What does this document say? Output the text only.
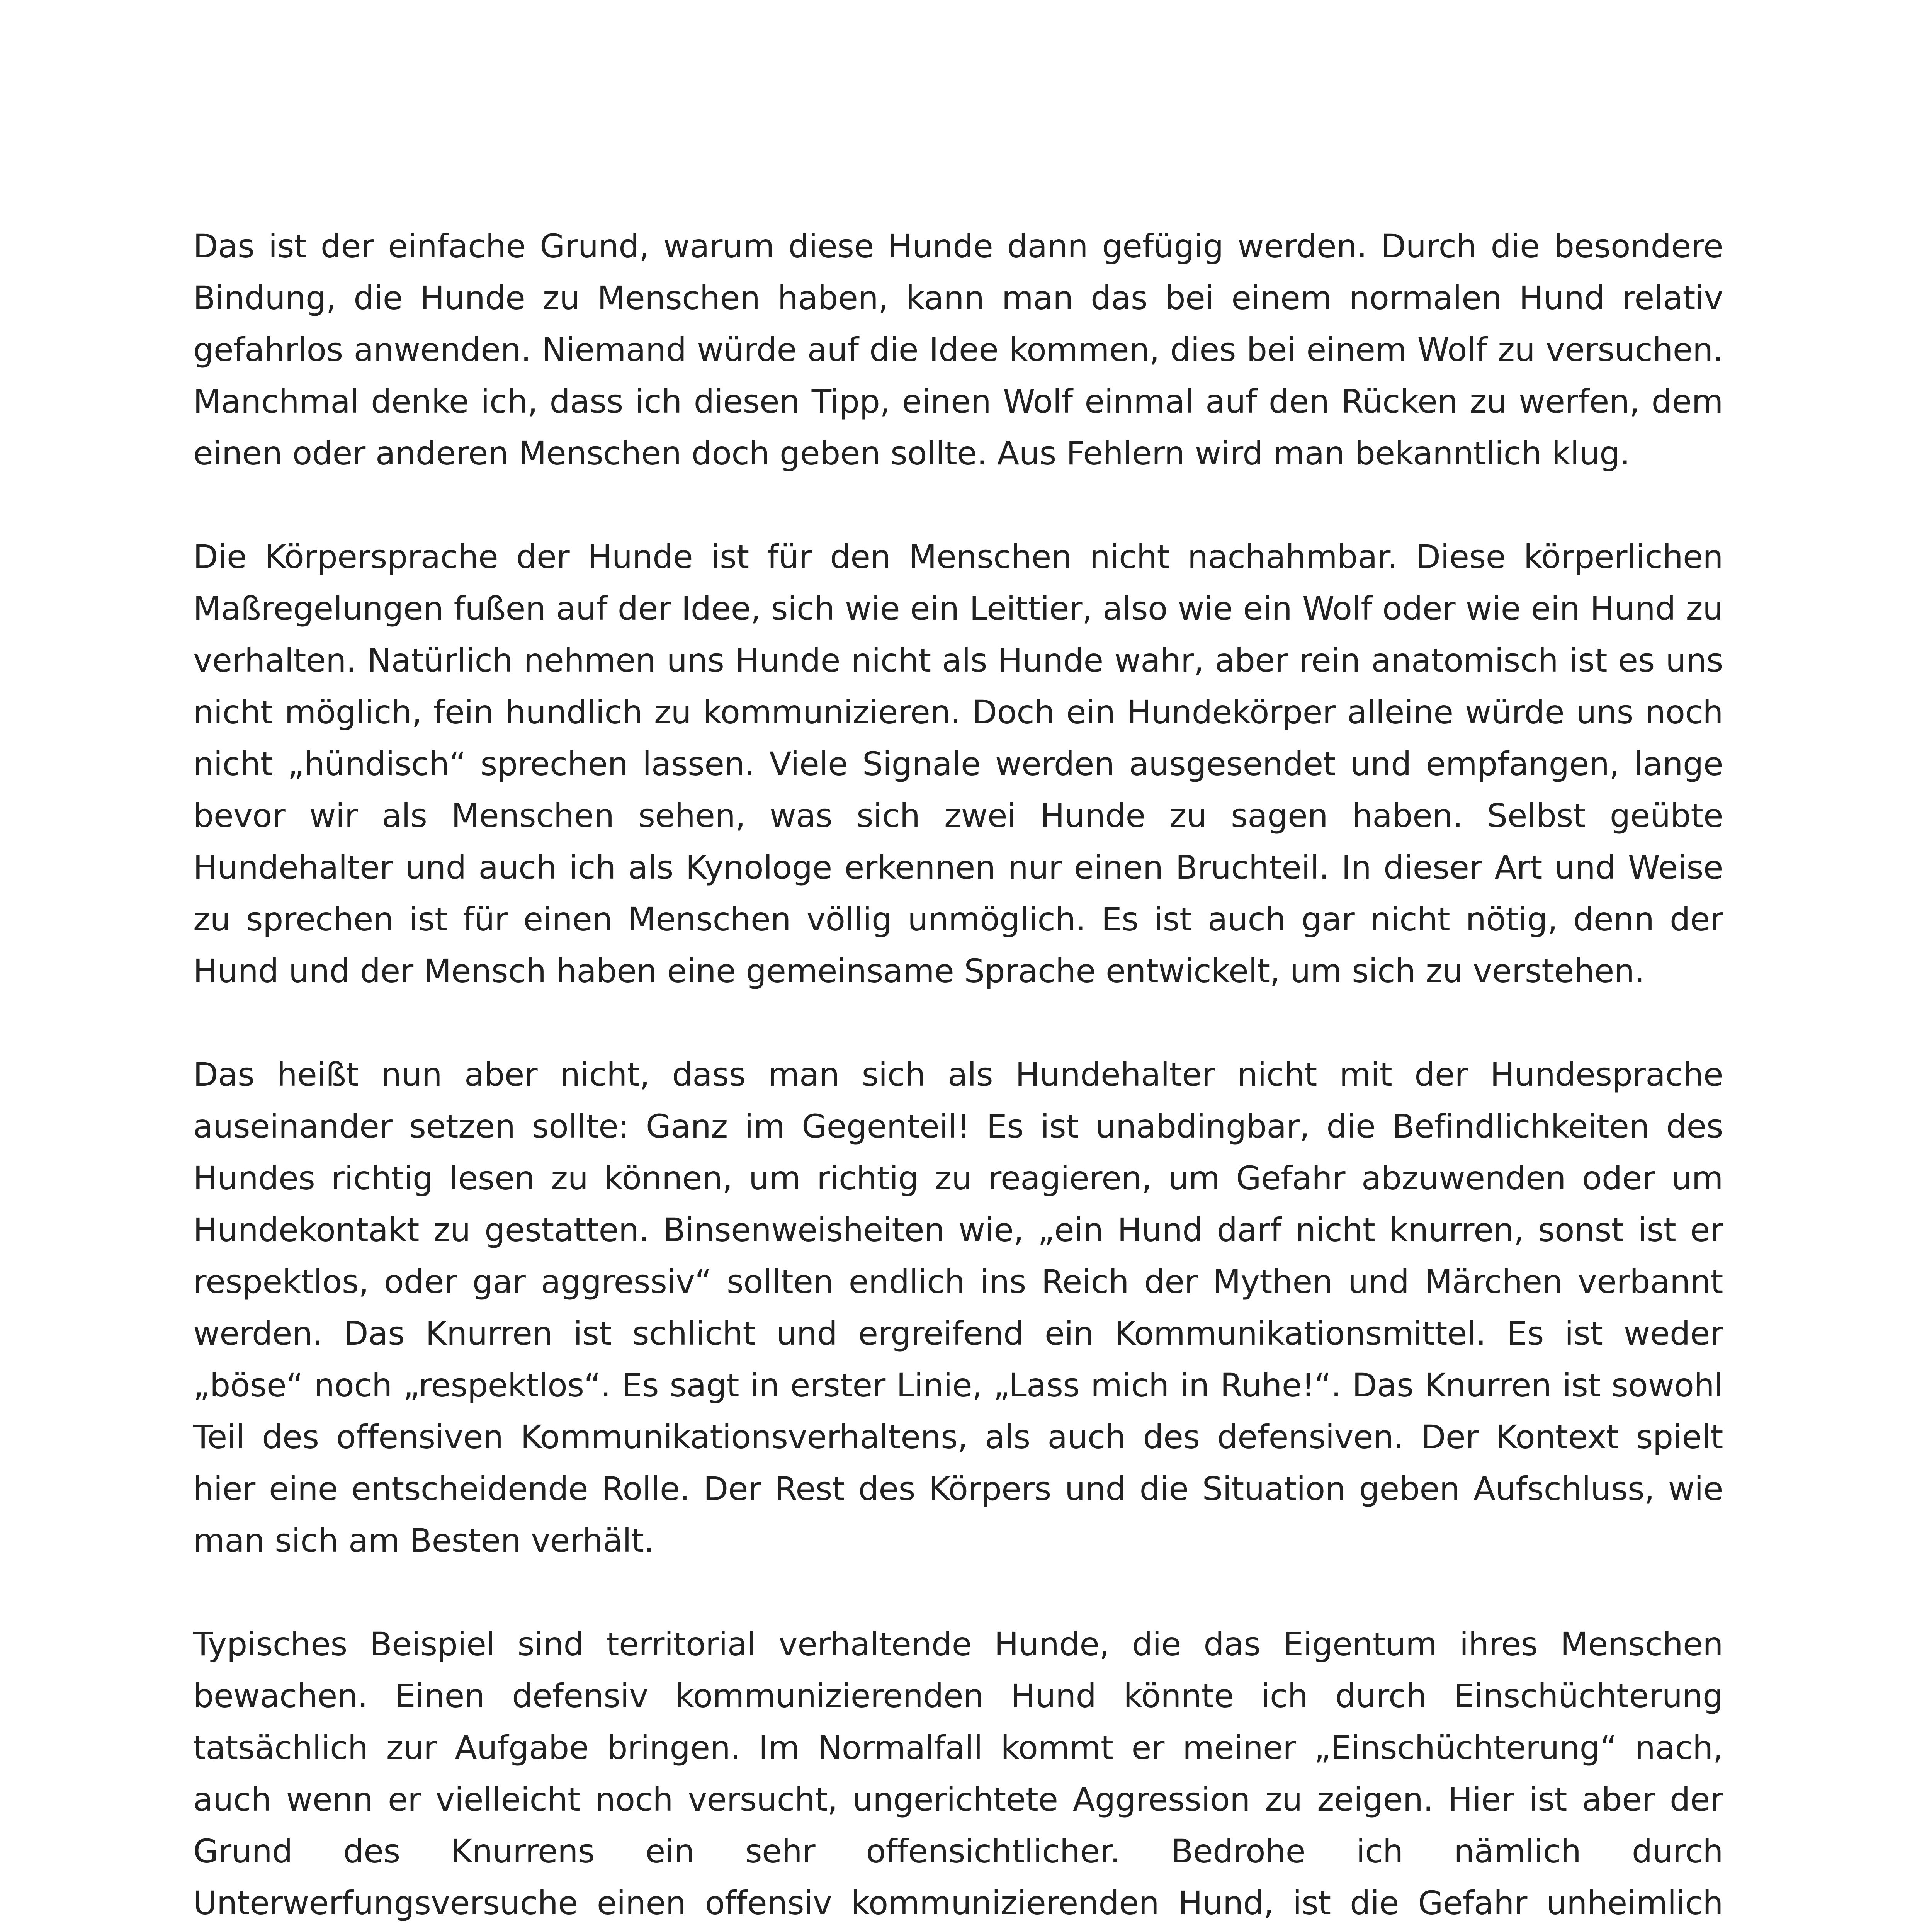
Das ist der einfache Grund, warum diese Hunde dann gefügig werden. Durch die besondere Bindung, die Hunde zu Menschen haben, kann man das bei einem normalen Hund relativ gefahrlos anwenden. Niemand würde auf die Idee kommen, dies bei einem Wolf zu versuchen. Manchmal denke ich, dass ich diesen Tipp, einen Wolf einmal auf den Rücken zu werfen, dem einen oder anderen Menschen doch geben sollte. Aus Fehlern wird man bekanntlich klug.

Die Körpersprache der Hunde ist für den Menschen nicht nachahmbar. Diese körperlichen Maßregelungen fußen auf der Idee, sich wie ein Leittier, also wie ein Wolf oder wie ein Hund zu verhalten. Natürlich nehmen uns Hunde nicht als Hunde wahr, aber rein anatomisch ist es uns nicht möglich, fein hundlich zu kommunizieren. Doch ein Hundekörper alleine würde uns noch nicht „hündisch“ sprechen lassen. Viele Signale werden ausgesendet und empfangen, lange bevor wir als Menschen sehen, was sich zwei Hunde zu sagen haben. Selbst geübte Hundehalter und auch ich als Kynologe erkennen nur einen Bruchteil. In dieser Art und Weise zu sprechen ist für einen Menschen völlig unmöglich. Es ist auch gar nicht nötig, denn der Hund und der Mensch haben eine gemeinsame Sprache entwickelt, um sich zu verstehen.

Das heißt nun aber nicht, dass man sich als Hundehalter nicht mit der Hundesprache auseinander setzen sollte: Ganz im Gegenteil! Es ist unabdingbar, die Befindlichkeiten des Hundes richtig lesen zu können, um richtig zu reagieren, um Gefahr abzuwenden oder um Hundekontakt zu gestatten. Binsenweisheiten wie, „ein Hund darf nicht knurren, sonst ist er respektlos, oder gar aggressiv“ sollten endlich ins Reich der Mythen und Märchen verbannt werden. Das Knurren ist schlicht und ergreifend ein Kommunikationsmittel. Es ist weder „böse“ noch „respektlos“. Es sagt in erster Linie, „Lass mich in Ruhe!“. Das Knurren ist sowohl Teil des offensiven Kommunikationsverhaltens, als auch des defensiven. Der Kontext spielt hier eine entscheidende Rolle. Der Rest des Körpers und die Situation geben Aufschluss, wie man sich am Besten verhält.

Typisches Beispiel sind territorial verhaltende Hunde, die das Eigentum ihres Menschen bewachen. Einen defensiv kommunizierenden Hund könnte ich durch Einschüchterung tatsächlich zur Aufgabe bringen. Im Normalfall kommt er meiner „Einschüchterung“ nach, auch wenn er vielleicht noch versucht, ungerichtete Aggression zu zeigen. Hier ist aber der Grund des Knurrens ein sehr offensichtlicher. Bedrohe ich nämlich durch Unterwerfungsversuche einen offensiv kommunizierenden Hund, ist die Gefahr unheimlich
